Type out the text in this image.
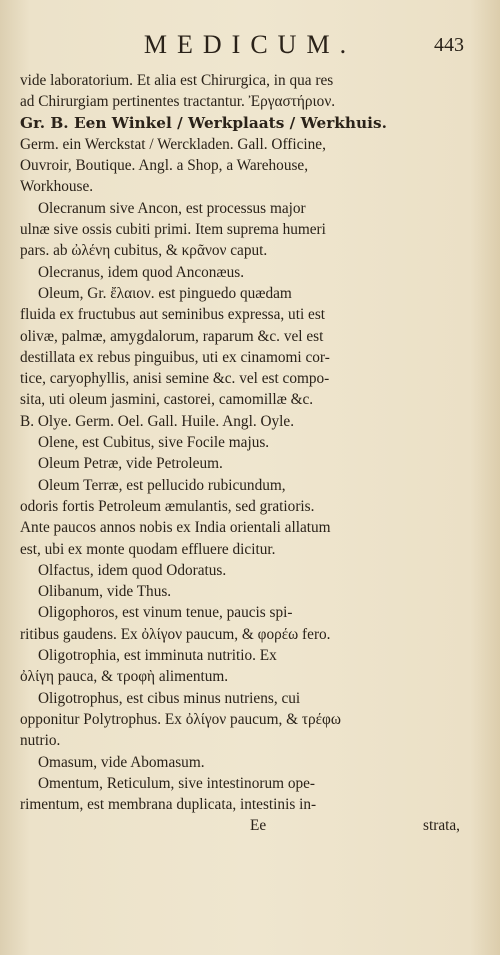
MEDICUM.	443

vide laboratorium. Et alia est Chirurgica, in qua res

ad Chirurgiam pertinentes tractantur. Ἐργαστήριον.

Gr. B. Een Winkel / Werkplaats / Werkhuis.

Germ. ein Werckstat / Werckladen. Gall. Officine,

Ouvroir, Boutique. Angl. a Shop, a Warehouse,

Workhouse.

Olecranum sive Ancon, est processus major

ulnæ sive ossis cubiti primi. Item suprema humeri

pars. ab ὠλένη cubitus, & κρᾶνον caput.

Olecranus, idem quod Anconæus.

Oleum, Gr. ἔλαιον. est pinguedo quædam

fluida ex fructubus aut seminibus expressa, uti est

olivæ, palmæ, amygdalorum, raparum &c. vel est

destillata ex rebus pinguibus, uti ex cinamomi cor-

tice, caryophyllis, anisi semine &c. vel est compo-

sita, uti oleum jasmini, castorei, camomillæ &c.

B. Olye. Germ. Oel. Gall. Huile. Angl. Oyle.

Olene, est Cubitus, sive Focile majus.

Oleum Petræ, vide Petroleum.

Oleum Terræ, est pellucido rubicundum,

odoris fortis Petroleum æmulantis, sed gratioris.

Ante paucos annos nobis ex India orientali allatum

est, ubi ex monte quodam effluere dicitur.

Olfactus, idem quod Odoratus.

Olibanum, vide Thus.

Oligophoros, est vinum tenue, paucis spi-

ritibus gaudens. Ex ὀλίγον paucum, & φορέω fero.

Oligotrophia, est imminuta nutritio. Ex

ὀλίγη pauca, & τροφὴ alimentum.

Oligotrophus, est cibus minus nutriens, cui

opponitur Polytrophus. Ex ὀλίγον paucum, & τρέφω

nutrio.

Omasum, vide Abomasum.

Omentum, Reticulum, sive intestinorum ope-

rimentum, est membrana duplicata, intestinis in-

Ee	strata,
